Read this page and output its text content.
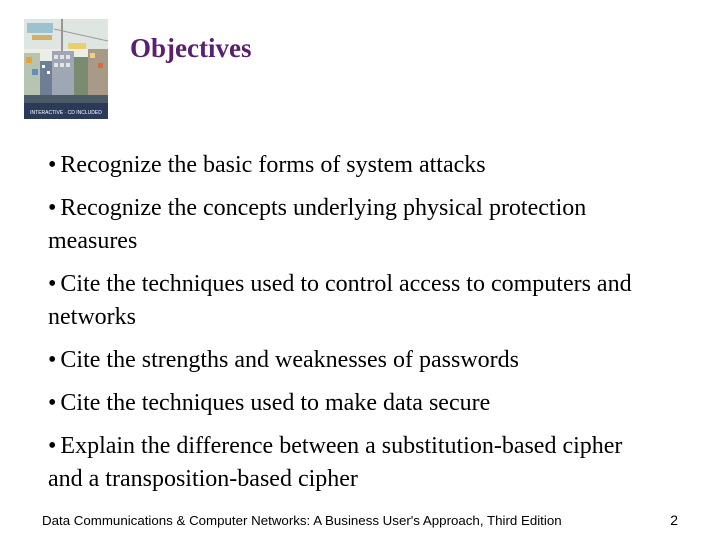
INTERACTIVE · CD INCLUDED
Objectives
• Recognize the basic forms of system attacks
• Recognize the concepts underlying physical protection measures
• Cite the techniques used to control access to computers and networks
• Cite the strengths and weaknesses of passwords
• Cite the techniques used to make data secure
• Explain the difference between a substitution-based cipher and a transposition-based cipher
Data Communications & Computer Networks: A Business User's Approach, Third Edition	2
